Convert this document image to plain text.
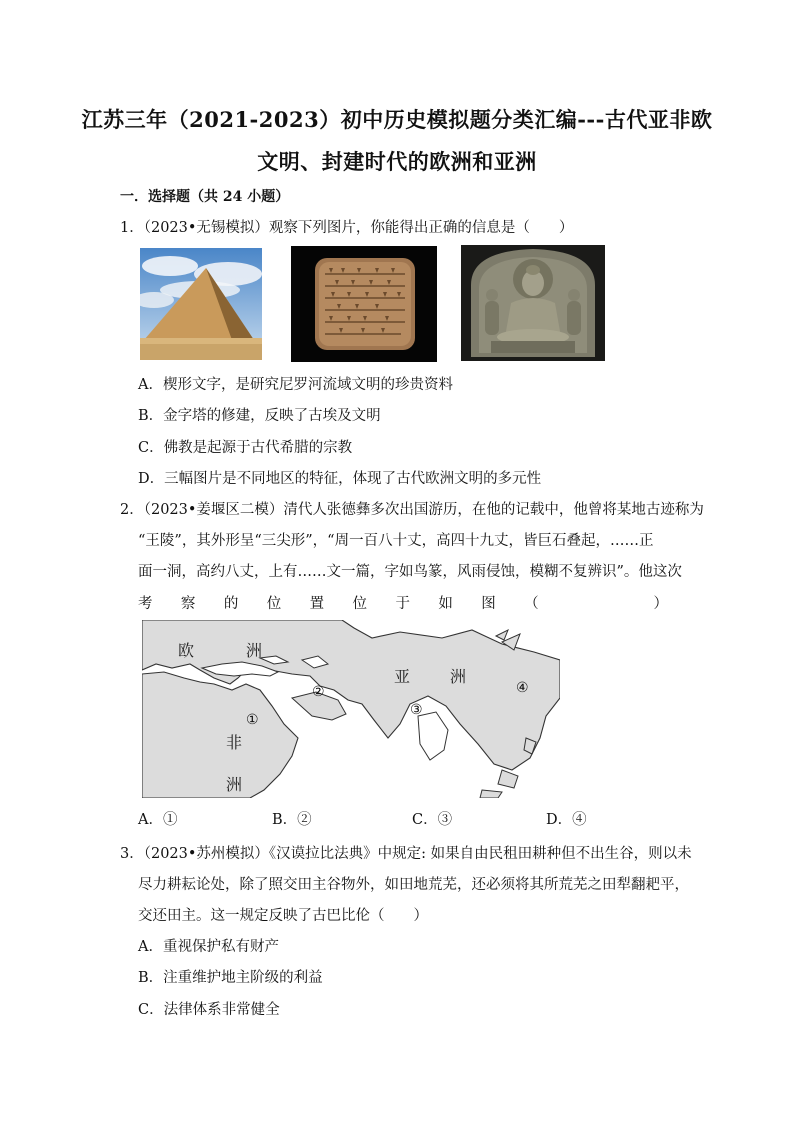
江苏三年（2021-2023）初中历史模拟题分类汇编---古代亚非欧
文明、封建时代的欧洲和亚洲
一．选择题（共 24 小题）
1．（2023•无锡模拟）观察下列图片，你能得出正确的信息是（　　）
A．楔形文字，是研究尼罗河流域文明的珍贵资料
B．金字塔的修建，反映了古埃及文明
C．佛教是起源于古代希腊的宗教
D．三幅图片是不同地区的特征，体现了古代欧洲文明的多元性
2．（2023•姜堰区二模）清代人张德彝多次出国游历，在他的记载中，他曾将某地古迹称为
“王陵”，其外形呈“三尖形”，“周一百八十丈，高四十九丈，皆巨石叠起，……正
面一洞，高约八丈，上有……文一篇，字如鸟篆，风雨侵蚀，模糊不复辨识”。他这次
考 察 的 位 置 位 于 如 图 （
　　　　	）
欧	洲
亚 洲
非
洲
①
②
③
④
A．①	B．②	C．③	D．④
3．（2023•苏州模拟）《汉谟拉比法典》中规定: 如果自由民租田耕种但不出生谷，则以未
尽力耕耘论处，除了照交田主谷物外，如田地荒芜，还必须将其所荒芜之田犁翻耙平，
交还田主。这一规定反映了古巴比伦（　　）
A．重视保护私有财产
B．注重维护地主阶级的利益
C．法律体系非常健全
